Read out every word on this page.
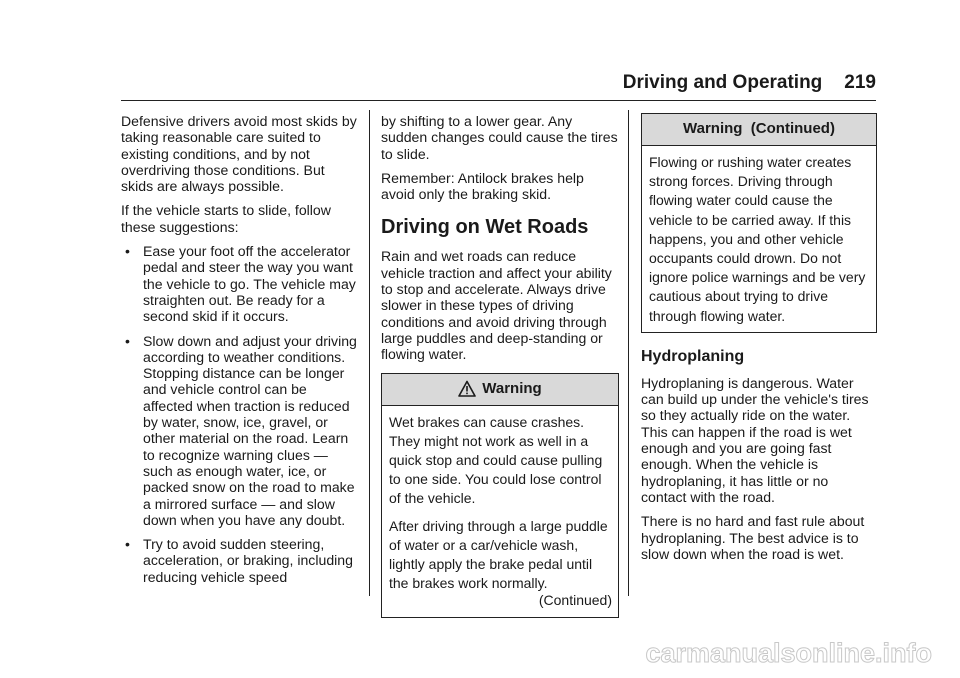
Driving and Operating 219

Defensive drivers avoid most skids by taking reasonable care suited to existing conditions, and by not overdriving those conditions. But skids are always possible.

If the vehicle starts to slide, follow these suggestions:

• Ease your foot off the accelerator pedal and steer the way you want the vehicle to go. The vehicle may straighten out. Be ready for a second skid if it occurs.
• Slow down and adjust your driving according to weather conditions. Stopping distance can be longer and vehicle control can be affected when traction is reduced by water, snow, ice, gravel, or other material on the road. Learn to recognize warning clues — such as enough water, ice, or packed snow on the road to make a mirrored surface — and slow down when you have any doubt.
• Try to avoid sudden steering, acceleration, or braking, including reducing vehicle speed

by shifting to a lower gear. Any sudden changes could cause the tires to slide.

Remember: Antilock brakes help avoid only the braking skid.

Driving on Wet Roads

Rain and wet roads can reduce vehicle traction and affect your ability to stop and accelerate. Always drive slower in these types of driving conditions and avoid driving through large puddles and deep-standing or flowing water.

Warning

Wet brakes can cause crashes. They might not work as well in a quick stop and could cause pulling to one side. You could lose control of the vehicle.

After driving through a large puddle of water or a car/vehicle wash, lightly apply the brake pedal until the brakes work normally.

(Continued)
Warning  (Continued)

Flowing or rushing water creates strong forces. Driving through flowing water could cause the vehicle to be carried away. If this happens, you and other vehicle occupants could drown. Do not ignore police warnings and be very cautious about trying to drive through flowing water.

Hydroplaning

Hydroplaning is dangerous. Water can build up under the vehicle's tires so they actually ride on the water. This can happen if the road is wet enough and you are going fast enough. When the vehicle is hydroplaning, it has little or no contact with the road.

There is no hard and fast rule about hydroplaning. The best advice is to slow down when the road is wet.

carmanualsonline.info
